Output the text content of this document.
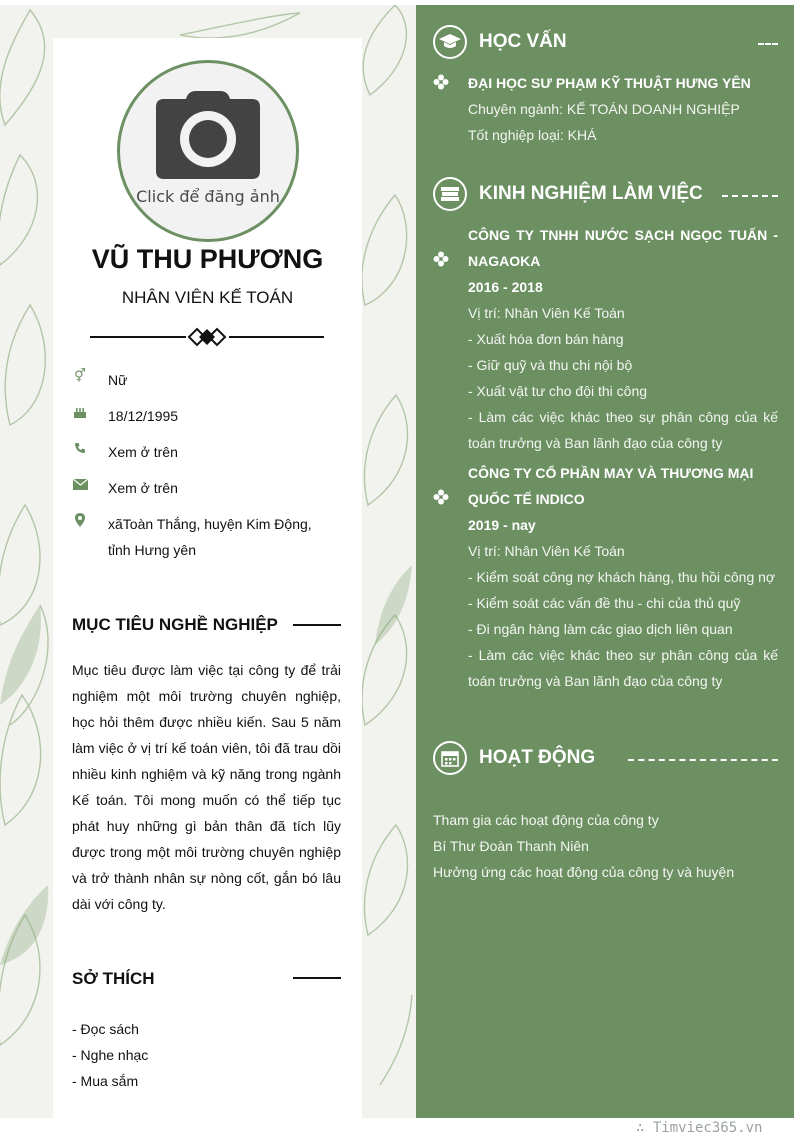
Click để đăng ảnh
VŨ THU PHƯƠNG
NHÂN VIÊN KẾ TOÁN
⚥ Nữ
18/12/1995
Xem ở trên
Xem ở trên
xãToàn Thắng, huyện Kim Động,
tỉnh Hưng yên
MỤC TIÊU NGHỀ NGHIỆP
Mục tiêu được làm việc tại công ty để trải nghiệm một môi trường chuyên nghiệp, học hỏi thêm được nhiều kiến. Sau 5 năm làm việc ở vị trí kế toán viên, tôi đã trau dồi nhiều kinh nghiệm và kỹ năng trong ngành Kế toán. Tôi mong muốn có thể tiếp tục phát huy những gì bản thân đã tích lũy được trong một môi trường chuyên nghiệp và trở thành nhân sự nòng cốt, gắn bó lâu dài với công ty.
SỞ THÍCH
- Đọc sách
- Nghe nhạc
- Mua sắm
HỌC VẤN
ĐẠI HỌC SƯ PHẠM KỸ THUẬT HƯNG YÊN
Chuyên ngành: KẾ TOÁN DOANH NGHIỆP
Tốt nghiệp loại: KHÁ
KINH NGHIỆM LÀM VIỆC
CÔNG TY TNHH NƯỚC SẠCH NGỌC TUẤN - NAGAOKA
2016 - 2018
Vị trí: Nhân Viên Kế Toán
- Xuất hóa đơn bán hàng
- Giữ quỹ và thu chi nội bộ
- Xuất vật tư cho đội thi công
- Làm các việc khác theo sự phân công của kế toán trưởng và Ban lãnh đạo của công ty
CÔNG TY CỔ PHẦN MAY VÀ THƯƠNG MẠI QUỐC TẾ INDICO
2019 - nay
Vị trí: Nhân Viên Kế Toán
- Kiểm soát công nợ khách hàng, thu hồi công nợ
- Kiểm soát các vấn đề thu - chi của thủ quỹ
- Đi ngân hàng làm các giao dịch liên quan
- Làm các việc khác theo sự phân công của kế toán trưởng và Ban lãnh đạo của công ty
HOẠT ĐỘNG
Tham gia các hoạt động của công ty
Bí Thư Đoàn Thanh Niên
Hưởng ứng các hoạt động của công ty và huyện
∴ Timviec365.vn
